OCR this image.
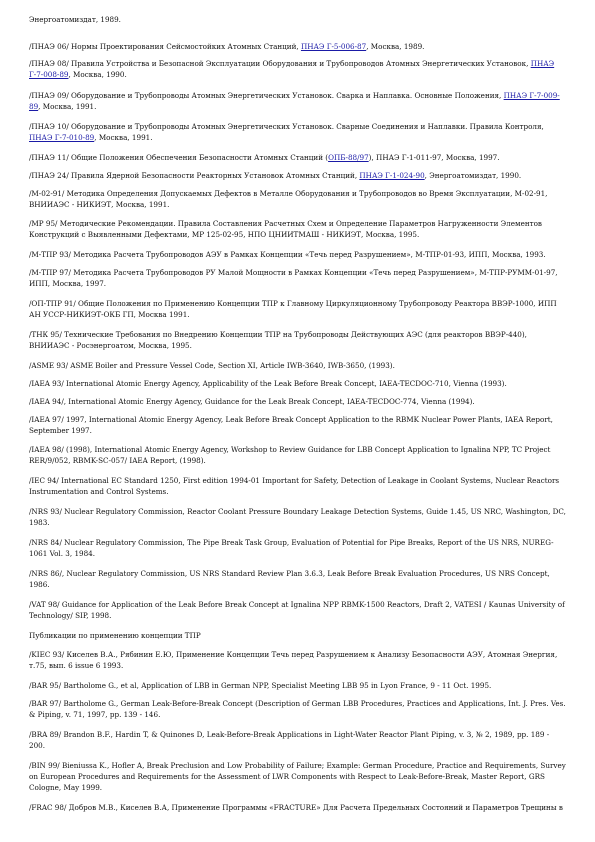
Энергоатомиздат, 1989.

/ПНАЭ 06/ Нормы Проектирования Сейсмостойких Атомных Станций, ПНАЭ Г-5-006-87, Москва, 1989.

/ПНАЭ 08/ Правила Устройства и Безопасной Эксплуатации Оборудования и Трубопроводов Атомных Энергетических Установок, ПНАЭ Г-7-008-89, Москва, 1990.

/ПНАЭ 09/ Оборудование и Трубопроводы Атомных Энергетических Установок. Сварка и Наплавка. Основные Положения, ПНАЭ Г-7-009-89, Москва, 1991.

/ПНАЭ 10/ Оборудование и Трубопроводы Атомных Энергетических Установок. Сварные Соединения и Наплавки. Правила Контроля, ПНАЭ Г-7-010-89, Москва, 1991.

/ПНАЭ 11/ Общие Положения Обеспечения Безопасности Атомных Станций (ОПБ-88/97), ПНАЭ Г-1-011-97, Москва, 1997.

/ПНАЭ 24/ Правила Ядерной Безопасности Реакторных Установок Атомных Станций, ПНАЭ Г-1-024-90, Энергоатомиздат, 1990.

/М-02-91/ Методика Определения Допускаемых Дефектов в Металле Оборудования и Трубопроводов во Время Эксплуатации, М-02-91, ВНИИАЭС - НИКИЭТ, Москва, 1991.

/МР 95/ Методические Рекомендации. Правила Составления Расчетных Схем и Определение Параметров Нагруженности Элементов Конструкций с Выявленными Дефектами, МР 125-02-95, НПО ЦНИИТМАШ - НИКИЭТ, Москва, 1995.

/М-ТПР 93/ Методика Расчета Трубопроводов АЭУ в Рамках Концепции «Течь перед Разрушением», М-ТПР-01-93, ИПП, Москва, 1993.

/М-ТПР 97/ Методика Расчета Трубопроводов РУ Малой Мощности в Рамках Концепции «Течь перед Разрушением», М-ТПР-РУММ-01-97, ИПП, Москва, 1997.

/ОП-ТПР 91/ Общие Положения по Применению Концепции ТПР к Главному Циркуляционному Трубопроводу Реактора ВВЭР-1000, ИПП АН УССР-НИКИЭТ-ОКБ ГП, Москва 1991.

/ТНК 95/ Технические Требования по Внедрению Концепции ТПР на Трубопроводы Действующих АЭС (для реакторов ВВЭР-440), ВНИИАЭС - Росэнергоатом, Москва, 1995.

/ASME 93/ ASME Boiler and Pressure Vessel Code, Section XI, Article IWB-3640, IWB-3650, (1993).

/IAEA 93/ International Atomic Energy Agency, Applicability of the Leak Before Break Concept, IAEA-TECDOC-710, Vienna (1993).

/IAEA 94/, International Atomic Energy Agency, Guidance for the Leak Break Concept, IAEA-TECDOC-774, Vienna (1994).

/IAEA 97/ 1997, International Atomic Energy Agency, Leak Before Break Concept Application to the RBMK Nuclear Power Plants, IAEA Report, September 1997.

/IAEA 98/ (1998), International Atomic Energy Agency, Workshop to Review Guidance for LBB Concept Application to Ignalina NPP, TC Project RER/9/052, RBMK-SC-057/ IAEA Report, (1998).

/IEC 94/ International EC Standard 1250, First edition 1994-01 Important for Safety, Detection of Leakage in Coolant Systems, Nuclear Reactors Instrumentation and Control Systems.

/NRS 93/ Nuclear Regulatory Commission, Reactor Coolant Pressure Boundary Leakage Detection Systems, Guide 1.45, US NRC, Washington, DC, 1983.

/NRS 84/ Nuclear Regulatory Commission, The Pipe Break Task Group, Evaluation of Potential for Pipe Breaks, Report of the US NRS, NUREG-1061 Vol. 3, 1984.

/NRS 86/, Nuclear Regulatory Commission, US NRS Standard Review Plan 3.6.3, Leak Before Break Evaluation Procedures, US NRS Concept, 1986.

/VAT 98/ Guidance for Application of the Leak Before Break Concept at Ignalina NPP RBMK-1500 Reactors, Draft 2, VATESI / Kaunas University of Technology/ SIP, 1998.

Публикации по применению концепции ТПР

/KIEC 93/ Киселев В.А., Рябинин Е.Ю, Применение Концепции Течь перед Разрушением к Анализу Безопасности АЭУ, Атомная Энергия, т.75, вып. 6 issue 6 1993.

/BAR 95/ Bartholome G., et al, Application of LBB in German NPP, Specialist Meeting LBB 95 in Lyon France, 9 - 11 Oct. 1995.

/BAR 97/ Bartholome G., German Leak-Before-Break Concept (Description of German LBB Procedures, Practices and Applications, Int. J. Pres. Ves. & Piping, v. 71, 1997, pp. 139 - 146.

/BRA 89/ Brandon B.F., Hardin T, & Quinones D, Leak-Before-Break Applications in Light-Water Reactor Plant Piping, v. 3, № 2, 1989, pp. 189 - 200.

/BIN 99/ Bieniussa K., Hofler A, Break Preclusion and Low Probability of Failure; Example: German Procedure, Practice and Requirements, Survey on European Procedures and Requirements for the Assessment of LWR Components with Respect to Leak-Before-Break, Master Report, GRS Cologne, May 1999.

/FRAC 98/ Добров М.В., Киселев В.А, Применение Программы «FRACTURE» Для Расчета Предельных Состояний и Параметров Трещины в
